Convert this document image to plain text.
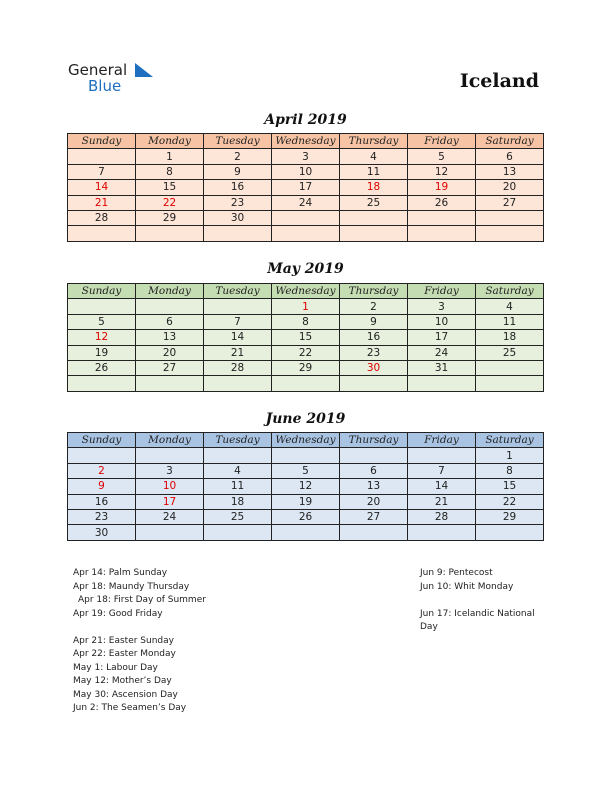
General
Blue	Iceland
April 2019
Sunday	Monday	Tuesday	Wednesday	Thursday	Friday	Saturday
	1	2	3	4	5	6
7	8	9	10	11	12	13
14	15	16	17	18	19	20
21	22	23	24	25	26	27
28	29	30				

May 2019
Sunday	Monday	Tuesday	Wednesday	Thursday	Friday	Saturday
			1	2	3	4
5	6	7	8	9	10	11
12	13	14	15	16	17	18
19	20	21	22	23	24	25
26	27	28	29	30	31	

June 2019
Sunday	Monday	Tuesday	Wednesday	Thursday	Friday	Saturday
						1
2	3	4	5	6	7	8
9	10	11	12	13	14	15
16	17	18	19	20	21	22
23	24	25	26	27	28	29
30						
Apr 14: Palm Sunday
Apr 18: Maundy Thursday
Apr 18: First Day of Summer
Apr 19: Good Friday
Apr 21: Easter Sunday
Apr 22: Easter Monday
May 1: Labour Day
May 12: Mother’s Day
May 30: Ascension Day
Jun 2: The Seamen’s Day
Jun 9: Pentecost
Jun 10: Whit Monday
Jun 17: Icelandic National
Day
